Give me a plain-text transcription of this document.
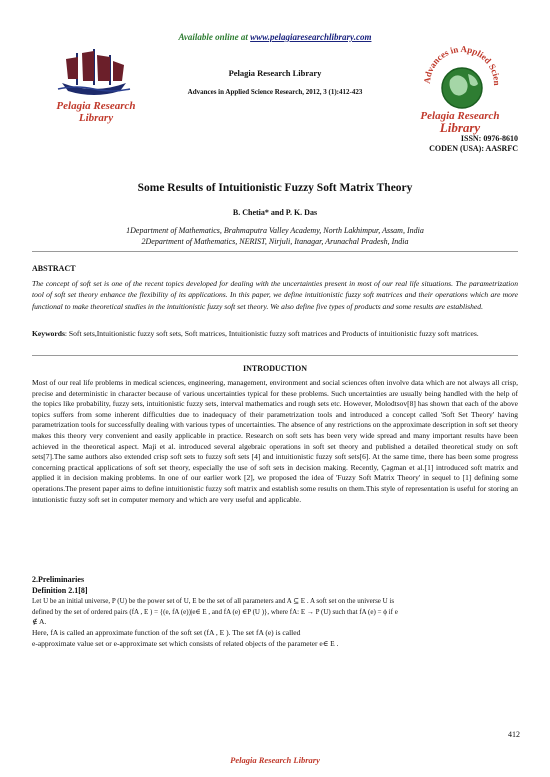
Available online at www.pelagiaresearchlibrary.com
Pelagia Research
Library
Pelagia Research Library
Advances in Applied Science Research, 2012, 3 (1):412-423
Advances in Applied Scien
Pelagia Research
Library
ISSN: 0976-8610
CODEN (USA): AASRFC
Some Results of Intuitionistic Fuzzy Soft Matrix Theory
B. Chetia* and P. K. Das
1Department of Mathematics, Brahmaputra Valley Academy, North Lakhimpur, Assam, India
2Department of Mathematics, NERIST, Nirjuli, Itanagar, Arunachal Pradesh, India
ABSTRACT
The concept of soft set is one of the recent topics developed for dealing with the uncertainties present in most of our real life situations. The parametrization tool of soft set theory enhance the flexibility of its applications. In this paper, we define intuitionistic fuzzy soft matrices and their operations which are more functional to make theoretical studies in the intuitionistic fuzzy soft set theory. We also define five types of products and some results are established.
Keywords: Soft sets,Intuitionistic fuzzy soft sets, Soft matrices, Intuitionistic fuzzy soft matrices and Products of intuitionistic fuzzy soft matrices.
INTRODUCTION
Most of our real life problems in medical sciences, engineering, management, environment and social sciences often involve data which are not always all crisp, precise and deterministic in character because of various uncertainties typical for these problems. Such uncertainties are usually being handled with the help of the topics like probability, fuzzy sets, intuitionistic fuzzy sets, interval mathematics and rough sets etc. However, Molodtsov[8] has shown that each of the above topics suffers from some inherent difficulties due to inadequacy of their parametrization tools and introduced a concept called 'Soft Set Theory' having parametrization tools for successfully dealing with various types of uncertainties. The absence of any restrictions on the approximate description in soft set theory makes this theory very convenient and easily applicable in practice. Research on soft sets has been very wide spread and many important results have been achieved in the theoretical aspect. Maji et al. introduced several algebraic operations in soft set theory and published a detailed theoretical study on soft sets[7].The same authors also extended crisp soft sets to fuzzy soft sets [4] and intuitionistic fuzzy soft sets[6]. At the same time, there has been some progress concerning practical applications of soft set theory, especially the use of soft sets in decision making. Recently, Çagman et al.[1] introduced soft matrix and applied it in decision making problems. In one of our earlier work [2], we proposed the idea of 'Fuzzy Soft Matrix Theory' in sequel to [1] defining some operations.The present paper aims to define intuitionistic fuzzy soft matrix and establish some results on them.This style of representation is useful for storing an intutionistic fuzzy soft set in computer memory and which are very useful and applicable.
2.Preliminaries
Definition 2.1[8]
Let U be an initial universe, P (U) be the power set of U, E be the set of all parameters and A ⊆ E . A soft set on the universe U is
defined by the set of ordered pairs (fA , E ) = {(e, fA (e))|e∈ E , and fA (e) ∈P (U )}, where fA: E → P (U) such that fA (e) = ϕ if e
∉ A.
Here, fA is called an approximate function of the soft set (fA , E ). The set fA (e) is called
e-approximate value set or e-approximate set which consists of related objects of the parameter e∈ E .
412
Pelagia Research Library
